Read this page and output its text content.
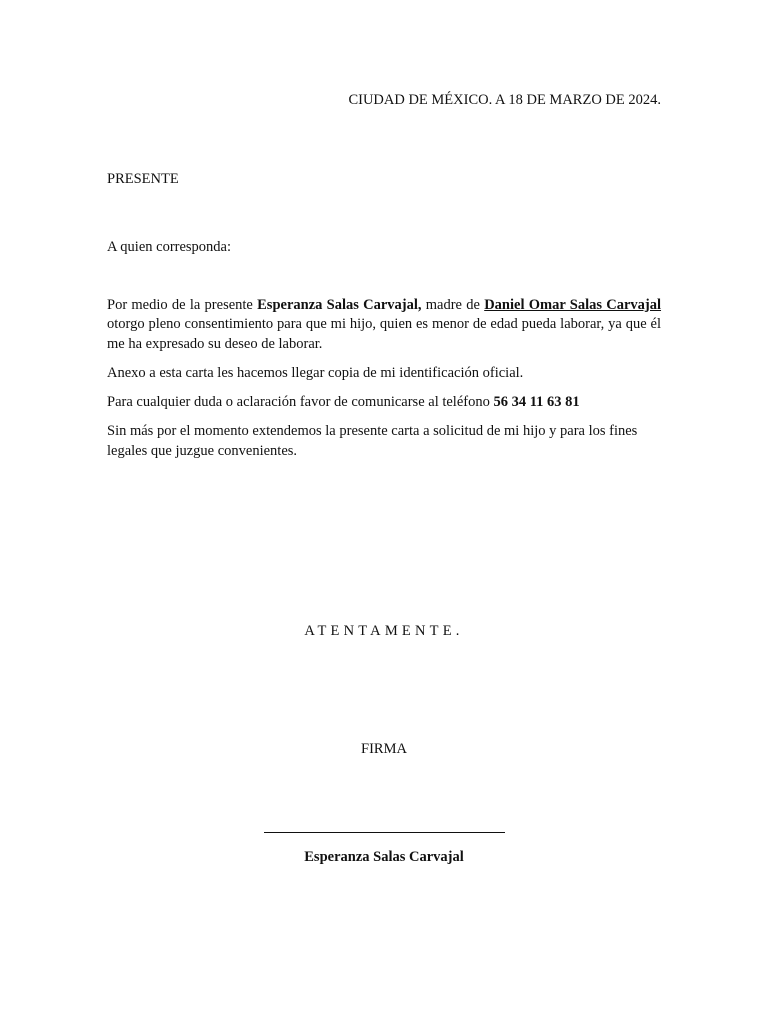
CIUDAD DE MÉXICO. A 18 DE MARZO DE 2024.
PRESENTE
A quien corresponda:

Por medio de la presente Esperanza Salas Carvajal, madre de Daniel Omar Salas Carvajal otorgo pleno consentimiento para que mi hijo, quien es menor de edad pueda laborar, ya que él me ha expresado su deseo de laborar.

Anexo a esta carta les hacemos llegar copia de mi identificación oficial.

Para cualquier duda o aclaración favor de comunicarse al teléfono 56 34 11 63 81

Sin más por el momento extendemos la presente carta a solicitud de mi hijo y para los fines legales que juzgue convenientes.

ATENTAMENTE.
FIRMA
Esperanza Salas Carvajal
